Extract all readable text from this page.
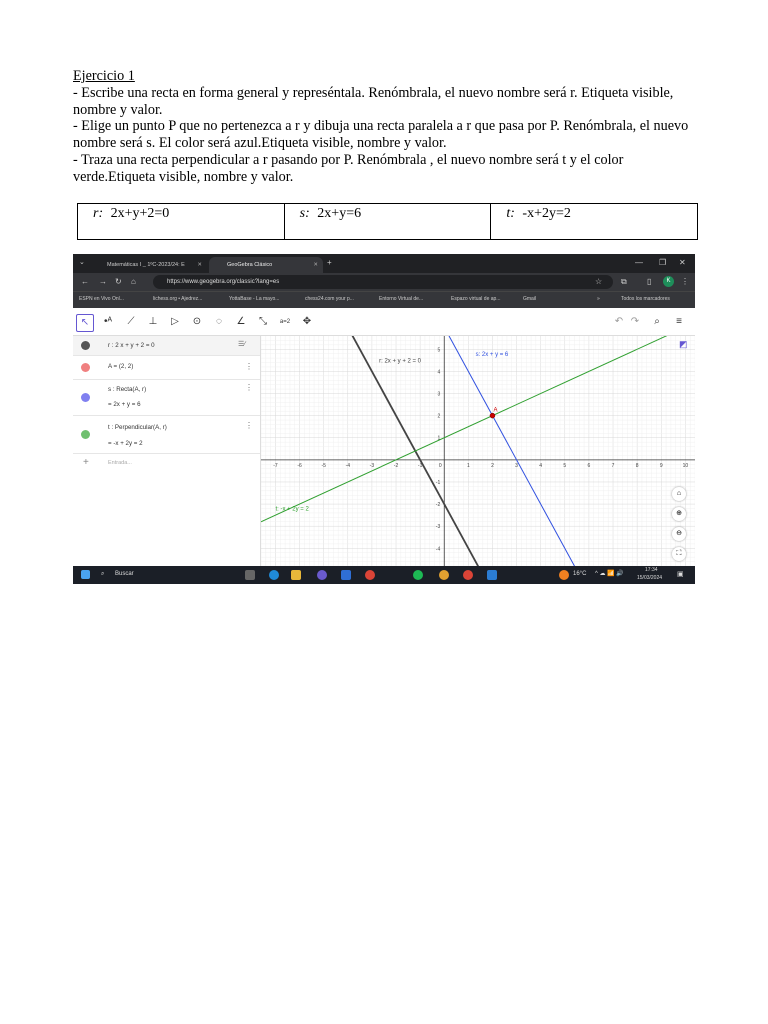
Ejercicio 1
- Escribe una recta en forma general y represéntala. Renómbrala, el nuevo nombre será r. Etiqueta visible, nombre y valor.
- Elige un punto P que no pertenezca a r y dibuja una recta paralela a r que pasa por P. Renómbrala, el nuevo nombre será s. El color será azul.Etiqueta visible, nombre y valor.
- Traza una recta perpendicular a r pasando por P. Renómbrala , el nuevo nombre será t y el color verde.Etiqueta visible, nombre y valor.
r: 2x+y+2=0	s: 2x+y=6	t: -x+2y=2
⌄	Matemáticas I _ 1ºC-2023/24: E ✕	GeoGebra Clásico	✕ +	— ❐ ✕
← → ↻ ⌂	https://www.geogebra.org/classic?lang=es	☆ ⧉	▯	K	⋮
ESPN en Vivo Onl...	lichess.org • Ajedrez...	YottaBase - La mayo...	chess24.com your p...	Entorno Virtual de...	Espazo virtual de ap...	Gmail	»	Todos los marcadores
↖	•ᴬ	⟋	⊥	▷	⊙	◌	∠	⤡	a=2	✥	↶ ↷	⌕	≡
r : 2 x + y + 2 = 0	☰∕
A = (2, 2)	⋮
s : Recta(A, r)
= 2x + y = 6
⋮
t : Perpendicular(A, r)
= -x + 2y = 2
⋮
+	Entrada...	-7	-6	-5	-4	-3	-2	-1	0	1	2	3	4	5	6	7	8	9	10
-4
-3
-2
-1
1
2
3
4
5
r: 2x + y + 2 = 0
s: 2x + y = 6
t: -x + 2y = 2
A
◩
⌂
⊕
⊖
⛶
⌕ Buscar	16°C ^ ☁ 📶 🔊
17:34
15/03/2024 ▣
